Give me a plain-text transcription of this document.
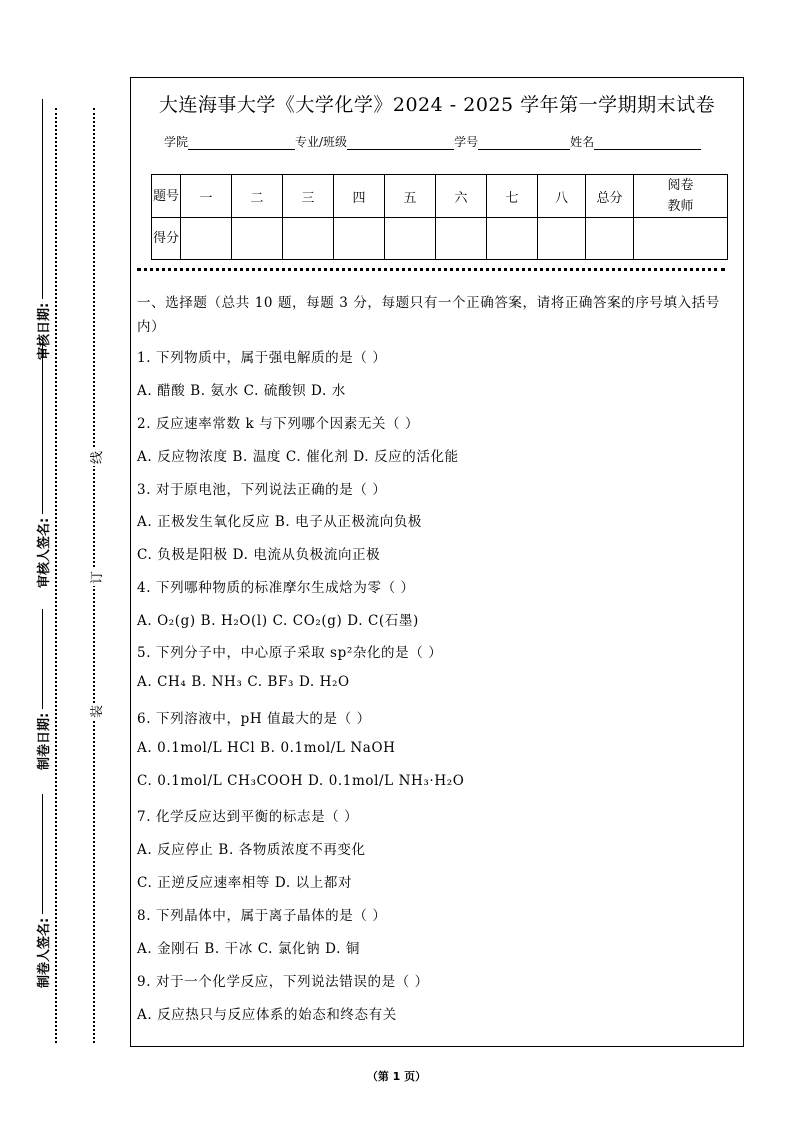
审核日期:
审核人签名:
制卷日期:
制卷人签名:
线
订
装
大连海事大学《大学化学》2024 - 2025 学年第一学期期末试卷
学院	专业/班级	学号	姓名
题号	一	二	三	四	五	六	七	八	总分	阅卷教师
得分										
一、选择题（总共 10 题，每题 3 分，每题只有一个正确答案，请将正确答案的序号填入括号内）
1. 下列物质中，属于强电解质的是（ ）
A. 醋酸 B. 氨水 C. 硫酸钡 D. 水
2. 反应速率常数 k 与下列哪个因素无关（ ）
A. 反应物浓度 B. 温度 C. 催化剂 D. 反应的活化能
3. 对于原电池，下列说法正确的是（ ）
A. 正极发生氧化反应 B. 电子从正极流向负极
C. 负极是阳极 D. 电流从负极流向正极
4. 下列哪种物质的标准摩尔生成焓为零（ ）
A. O₂(g) B. H₂O(l) C. CO₂(g) D. C(石墨)
5. 下列分子中，中心原子采取 sp²杂化的是（ ）
A. CH₄ B. NH₃ C. BF₃ D. H₂O
6. 下列溶液中，pH 值最大的是（ ）
A. 0.1mol/L HCl B. 0.1mol/L NaOH
C. 0.1mol/L CH₃COOH D. 0.1mol/L NH₃·H₂O
7. 化学反应达到平衡的标志是（ ）
A. 反应停止 B. 各物质浓度不再变化
C. 正逆反应速率相等 D. 以上都对
8. 下列晶体中，属于离子晶体的是（ ）
A. 金刚石 B. 干冰 C. 氯化钠 D. 铜
9. 对于一个化学反应，下列说法错误的是（ ）
A. 反应热只与反应体系的始态和终态有关
（第 1 页）
